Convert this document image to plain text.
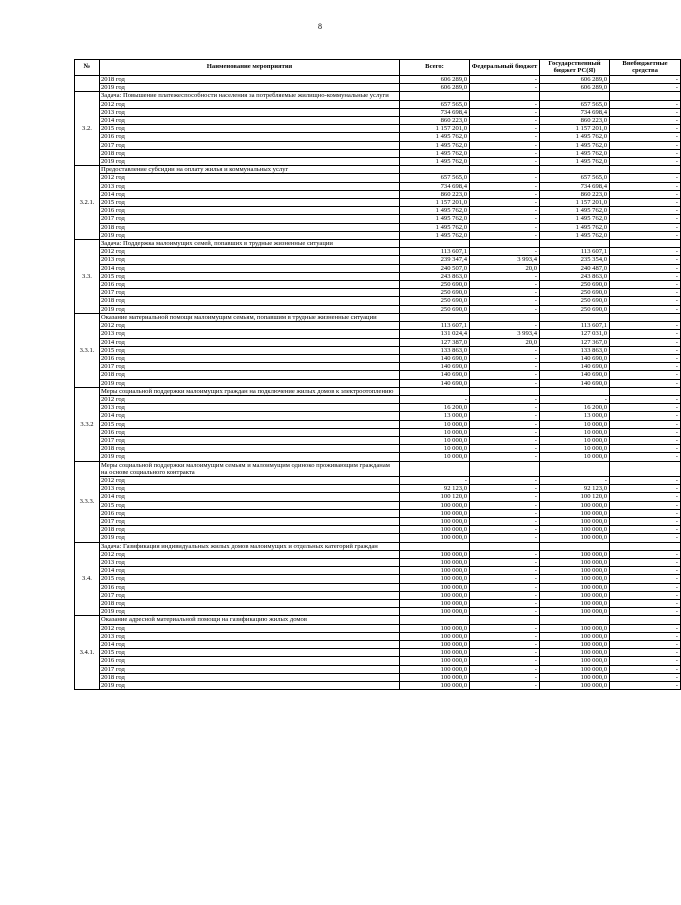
8
№	Наименование мероприятия	Всего:	Федеральный бюджет	Государственный бюджет РС(Я)	Внебюджетные средства
	2018 год	606 289,0	-	606 289,0	-
	2019 год	606 289,0	-	606 289,0	-
3.2.	Задача: Повышение платежеспособности населения за потребляемые жилищно-коммунальные услуги				
	2012 год	657 565,0	-	657 565,0	-
	2013 год	734 698,4	-	734 698,4	-
	2014 год	860 223,0	-	860 223,0	-
	2015 год	1 157 201,0	-	1 157 201,0	-
	2016 год	1 495 762,0	-	1 495 762,0	-
	2017 год	1 495 762,0	-	1 495 762,0	-
	2018 год	1 495 762,0	-	1 495 762,0	-
	2019 год	1 495 762,0	-	1 495 762,0	-
3.2.1.	Предоставление субсидии на оплату жилья и коммунальных услуг				
	2012 год	657 565,0	-	657 565,0	-
	2013 год	734 698,4	-	734 698,4	-
	2014 год	860 223,0	-	860 223,0	-
	2015 год	1 157 201,0	-	1 157 201,0	-
	2016 год	1 495 762,0	-	1 495 762,0	-
	2017 год	1 495 762,0	-	1 495 762,0	-
	2018 год	1 495 762,0	-	1 495 762,0	-
	2019 год	1 495 762,0	-	1 495 762,0	-
3.3.	Задача: Поддержка малоимущих семей, попавших в трудные жизненные ситуации				
	2012 год	113 607,1	-	113 607,1	-
	2013 год	239 347,4	3 993,4	235 354,0	-
	2014 год	240 507,0	20,0	240 487,0	-
	2015 год	243 863,0	-	243 863,0	-
	2016 год	250 690,0	-	250 690,0	-
	2017 год	250 690,0	-	250 690,0	-
	2018 год	250 690,0	-	250 690,0	-
	2019 год	250 690,0	-	250 690,0	-
3.3.1.	Оказание материальной помощи малоимущим семьям, попавшим в трудные жизненные ситуации				
	2012 год	113 607,1	-	113 607,1	-
	2013 год	131 024,4	3 993,4	127 031,0	-
	2014 год	127 387,0	20,0	127 367,0	-
	2015 год	133 863,0	-	133 863,0	-
	2016 год	140 690,0	-	140 690,0	-
	2017 год	140 690,0	-	140 690,0	-
	2018 год	140 690,0	-	140 690,0	-
	2019 год	140 690,0	-	140 690,0	-
3.3.2	Меры социальной поддержки малоимущих граждан на подключение жилых домов к электроотоплению				
	2012 год	-	-	-	-
	2013 год	16 200,0	-	16 200,0	-
	2014 год	13 000,0	-	13 000,0	-
	2015 год	10 000,0	-	10 000,0	-
	2016 год	10 000,0	-	10 000,0	-
	2017 год	10 000,0	-	10 000,0	-
	2018 год	10 000,0	-	10 000,0	-
	2019 год	10 000,0	-	10 000,0	-
3.3.3.	Меры социальной поддержки малоимущим семьям и малоимущим одиноко проживающим гражданам на основе социального контракта				
	2012 год	-	-	-	-
	2013 год	92 123,0	-	92 123,0	-
	2014 год	100 120,0	-	100 120,0	-
	2015 год	100 000,0	-	100 000,0	-
	2016 год	100 000,0	-	100 000,0	-
	2017 год	100 000,0	-	100 000,0	-
	2018 год	100 000,0	-	100 000,0	-
	2019 год	100 000,0	-	100 000,0	-
3.4.	Задача: Газификация индивидуальных жилых домов малоимущих и отдельных категорий граждан				
	2012 год	100 000,0	-	100 000,0	-
	2013 год	100 000,0	-	100 000,0	-
	2014 год	100 000,0	-	100 000,0	-
	2015 год	100 000,0	-	100 000,0	-
	2016 год	100 000,0	-	100 000,0	-
	2017 год	100 000,0	-	100 000,0	-
	2018 год	100 000,0	-	100 000,0	-
	2019 год	100 000,0	-	100 000,0	-
3.4.1.	Оказание адресной материальной помощи на газификацию жилых домов				
	2012 год	100 000,0	-	100 000,0	-
	2013 год	100 000,0	-	100 000,0	-
	2014 год	100 000,0	-	100 000,0	-
	2015 год	100 000,0	-	100 000,0	-
	2016 год	100 000,0	-	100 000,0	-
	2017 год	100 000,0	-	100 000,0	-
	2018 год	100 000,0	-	100 000,0	-
	2019 год	100 000,0	-	100 000,0	-
